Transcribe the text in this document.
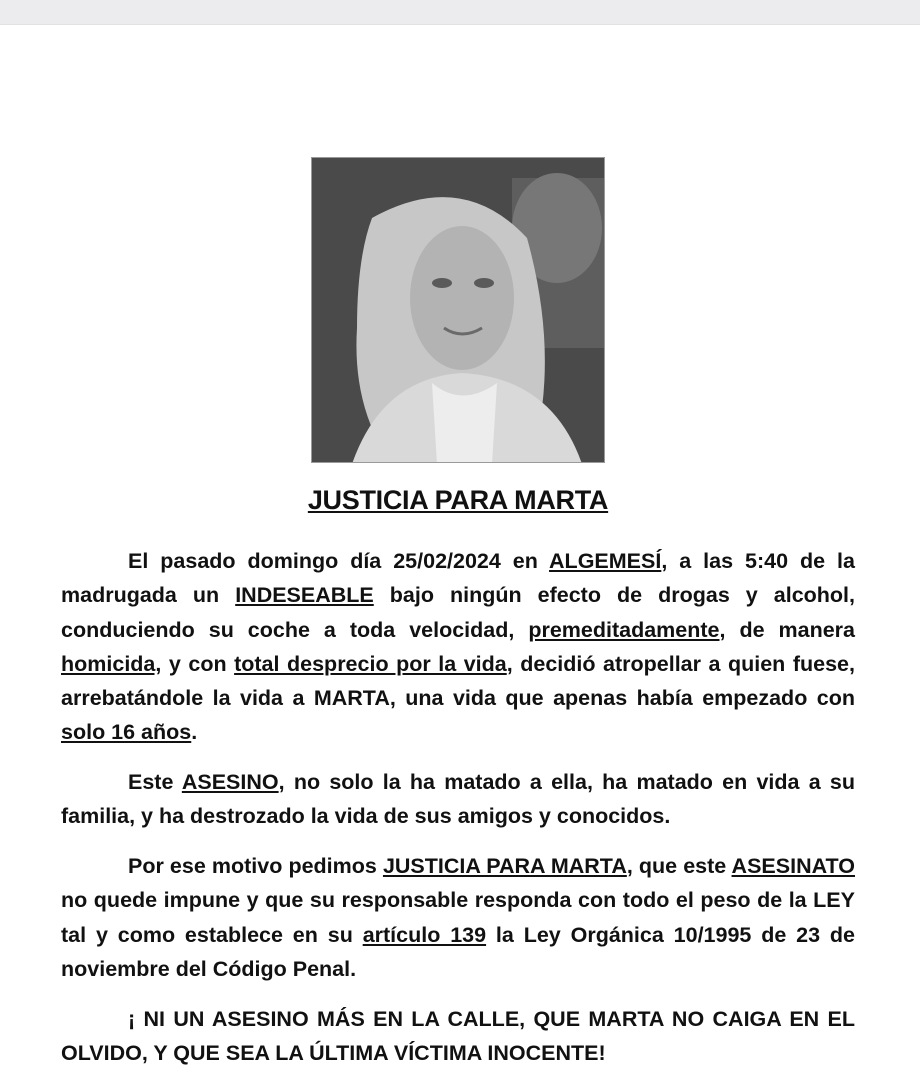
JUSTICIA PARA MARTA

El pasado domingo día 25/02/2024 en ALGEMESÍ, a las 5:40 de la madrugada un INDESEABLE bajo ningún efecto de drogas y alcohol, conduciendo su coche a toda velocidad, premeditadamente, de manera homicida, y con total desprecio por la vida, decidió atropellar a quien fuese, arrebatándole la vida a MARTA, una vida que apenas había empezado con solo 16 años.

Este ASESINO, no solo la ha matado a ella, ha matado en vida a su familia, y ha destrozado la vida de sus amigos y conocidos.

Por ese motivo pedimos JUSTICIA PARA MARTA, que este ASESINATO no quede impune y que su responsable responda con todo el peso de la LEY tal y como establece en su artículo 139 la Ley Orgánica 10/1995 de 23 de noviembre del Código Penal.

¡ NI UN ASESINO MÁS EN LA CALLE, QUE MARTA NO CAIGA EN EL OLVIDO, Y QUE SEA LA ÚLTIMA VÍCTIMA INOCENTE!
